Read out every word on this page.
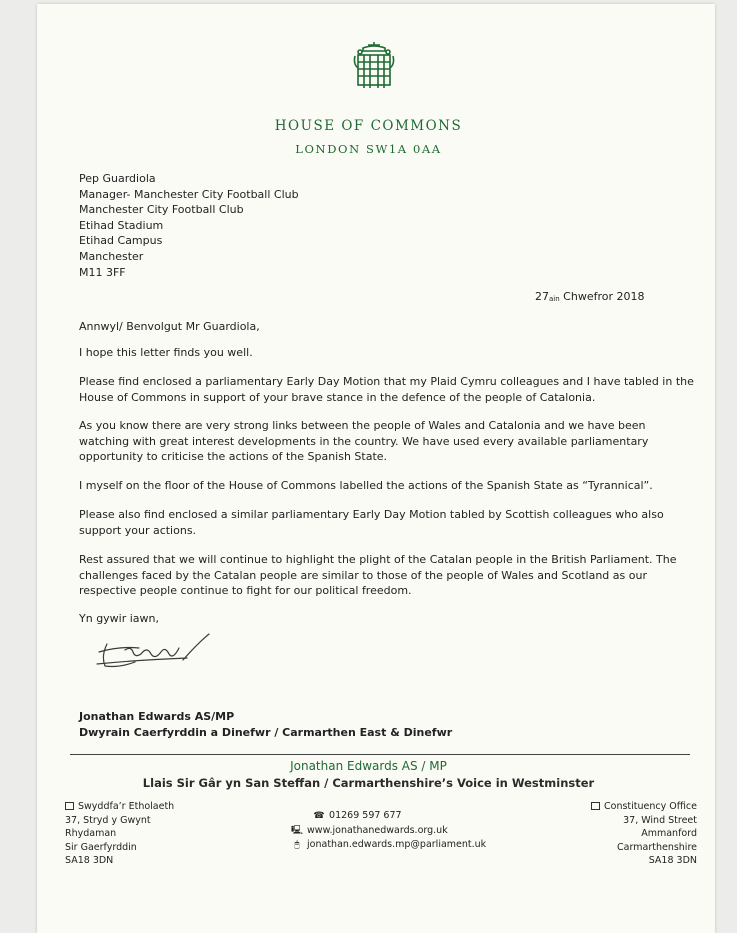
HOUSE OF COMMONS
LONDON SW1A 0AA
Pep Guardiola
Manager- Manchester City Football Club
Manchester City Football Club
Etihad Stadium
Etihad Campus
Manchester
M11 3FF
$27^{ain}$ Chwefror 2018
Annwyl/ Benvolgut Mr Guardiola,
I hope this letter finds you well.
Please find enclosed a parliamentary Early Day Motion that my Plaid Cymru colleagues and I have tabled in the House of Commons in support of your brave stance in the defence of the people of Catalonia.
As you know there are very strong links between the people of Wales and Catalonia and we have been watching with great interest developments in the country. We have used every available parliamentary opportunity to criticise the actions of the Spanish State.
I myself on the floor of the House of Commons labelled the actions of the Spanish State as “Tyrannical”.
Please also find enclosed a similar parliamentary Early Day Motion tabled by Scottish colleagues who also support your actions.
Rest assured that we will continue to highlight the plight of the Catalan people in the British Parliament. The challenges faced by the Catalan people are similar to those of the people of Wales and Scotland as our respective people continue to fight for our political freedom.
Yn gywir iawn,
Jonathan Edwards AS/MP
Dwyrain Caerfyrddin a Dinefwr / Carmarthen East & Dinefwr
Jonathan Edwards AS / MP
Llais Sir Gâr yn San Steffan / Carmarthenshire’s Voice in Westminster
Swyddfa’r Etholaeth
37, Stryd y Gwynt
Rhydaman
Sir Gaerfyrddin
SA18 3DN
☎ 01269 597 677
🖳 www.jonathanedwards.org.uk
🖰 jonathan.edwards.mp@parliament.uk
Constituency Office
37, Wind Street
Ammanford
Carmarthenshire
SA18 3DN
